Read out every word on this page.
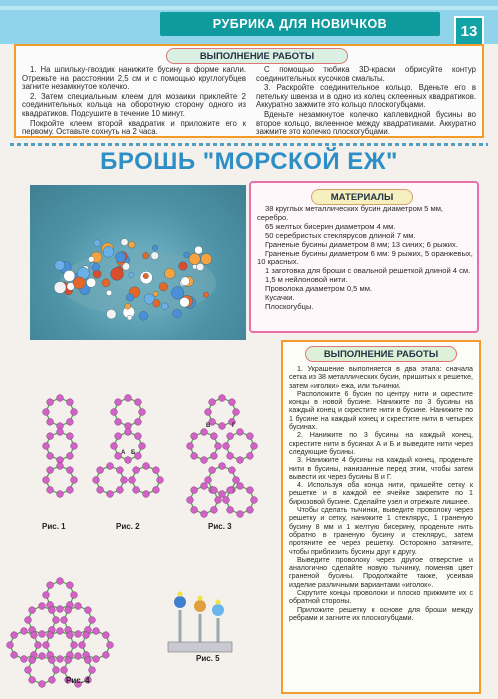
РУБРИКА ДЛЯ НОВИЧКОВ	13
ВЫПОЛНЕНИЕ РАБОТЫ

1. На шпильку-гвоздик нанижите бусину в форме капли. Отрежьте на расстоянии 2,5 см и с помощью круглогубцев загните незамкнутое колечко.

2. Затем специальным клеем для мозаики приклейте 2 соединительных кольца на оборотную сторону одного из квадратиков. Подсушите в течение 10 минут.

Покройте клеем второй квадратик и приложите его к первому. Оставьте сохнуть на 2 часа.

С помощью тюбика 3D-краски обрисуйте контур соединительных кусочков смальты.

3. Раскройте соединительное кольцо. Вденьте его в петельку швенза и в одно из колец склеенных квадратиков. Аккуратно зажмите это кольцо плоскогубцами.

Вденьте незамкнутое колечко каплевидной бусины во второе кольцо, вклеенное между квадратиками. Аккуратно зажмите это колечко плоскогубцами.

БРОШЬ "МОРСКОЙ ЕЖ"
МАТЕРИАЛЫ

38 круглых металлических бусин диаметром 5 мм, серебро.

65 желтых бисерин диаметром 4 мм.

50 серебристых стеклярусов длиной 7 мм.

Граненые бусины диаметром 8 мм; 13 синих; 6 рыжих.

Граненые бусины диаметром 6 мм: 9 рыжих, 5 оранжевых, 10 красных.

1 заготовка для броши с овальной решеткой длиной 4 см.

1,5 м нейлоновой нити.

Проволока диаметром 0,5 мм.

Кусачки.

Плоскогубцы.

ВЫПОЛНЕНИЕ РАБОТЫ

1. Украшение выполняется в два этапа: сначала сетка из 38 металлических бусин, пришитых к решетке, затем «иголки» ежа, или тычинки.

Расположите 6 бусин по центру нити и скрестите концы в новой бусине. Нанижите по 3 бусины на каждый конец и скрестите нити в бусине. Нанижите по 1 бусине на каждый конец и скрестите нити в четырех бусинах.

2. Нанижите по 3 бусины на каждый конец, скрестите нити в бусинах А и Б и выведите нити через следующие бусины.

3. Нанижите 4 бусины на каждый конец, проденьте нити в бусины, нанизанные перед этим, чтобы затем вывести их через бусины В и Г.

4. Используя оба конца нити, пришейте сетку к решетке и в каждой ее ячейке закрепите по 1 бирюзовой бусине. Сделайте узел и отрежьте лишнее.

Чтобы сделать тычинки, выведите проволоку через решетку и сетку, нанижите 1 стеклярус, 1 граненую бусину 8 мм и 1 желтую бисерину, проденьте нить обратно в граненую бусину и стеклярус, затем протяните ее через решетку. Осторожно затяните, чтобы приблизить бусины друг к другу.

Выведите проволоку через другое отверстие и аналогично сделайте новую тычинку, поменяв цвет граненой бусины. Продолжайте также, усеивая изделие различными вариантами «иголок».

Скрутите концы проволоки и плоско прижмите их с обратной стороны.

Приложите решетку к основе для броши между ребрами и загните их плоскогубцами.

Рис. 1	Рис. 2	Рис. 3
Рис. 4
Рис. 5
А Б
В	Г
